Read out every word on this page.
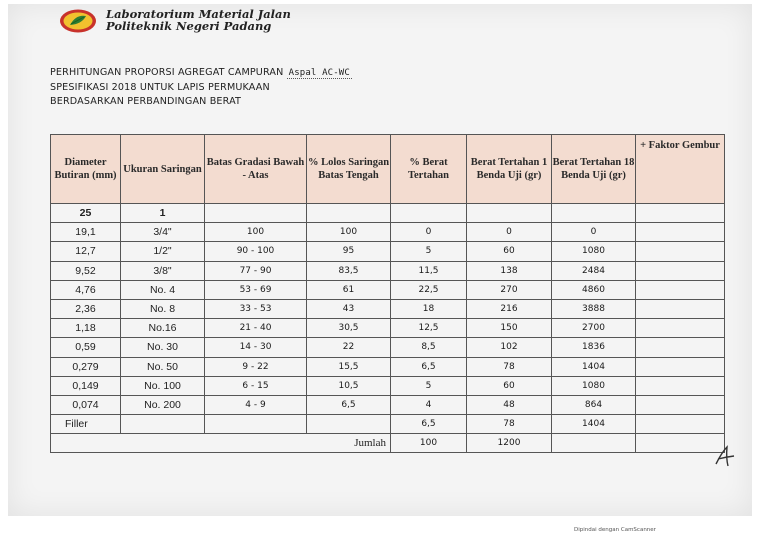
Laboratorium Material Jalan
Politeknik Negeri Padang
PERHITUNGAN PROPORSI AGREGAT CAMPURAN Aspal AC-WC
SPESIFIKASI 2018 UNTUK LAPIS PERMUKAAN
BERDASARKAN PERBANDINGAN BERAT
Diameter Butiran (mm)	Ukuran Saringan	Batas Gradasi Bawah - Atas	% Lolos Saringan Batas Tengah	% Berat Tertahan	Berat Tertahan 1 Benda Uji (gr)	Berat Tertahan 18 Benda Uji (gr)	+ Faktor Gembur
25	1						
19,1	3/4"	100	100	0	0	0	
12,7	1/2"	90 - 100	95	5	60	1080	
9,52	3/8"	77 - 90	83,5	11,5	138	2484	
4,76	No. 4	53 - 69	61	22,5	270	4860	
2,36	No. 8	33 - 53	43	18	216	3888	
1,18	No.16	21 - 40	30,5	12,5	150	2700	
0,59	No. 30	14 - 30	22	8,5	102	1836	
0,279	No. 50	9 - 22	15,5	6,5	78	1404	
0,149	No. 100	6 - 15	10,5	5	60	1080	
0,074	No. 200	4 - 9	6,5	4	48	864	
Filler				6,5	78	1404	
Jumlah				100	1200		
Dipindai dengan CamScanner
